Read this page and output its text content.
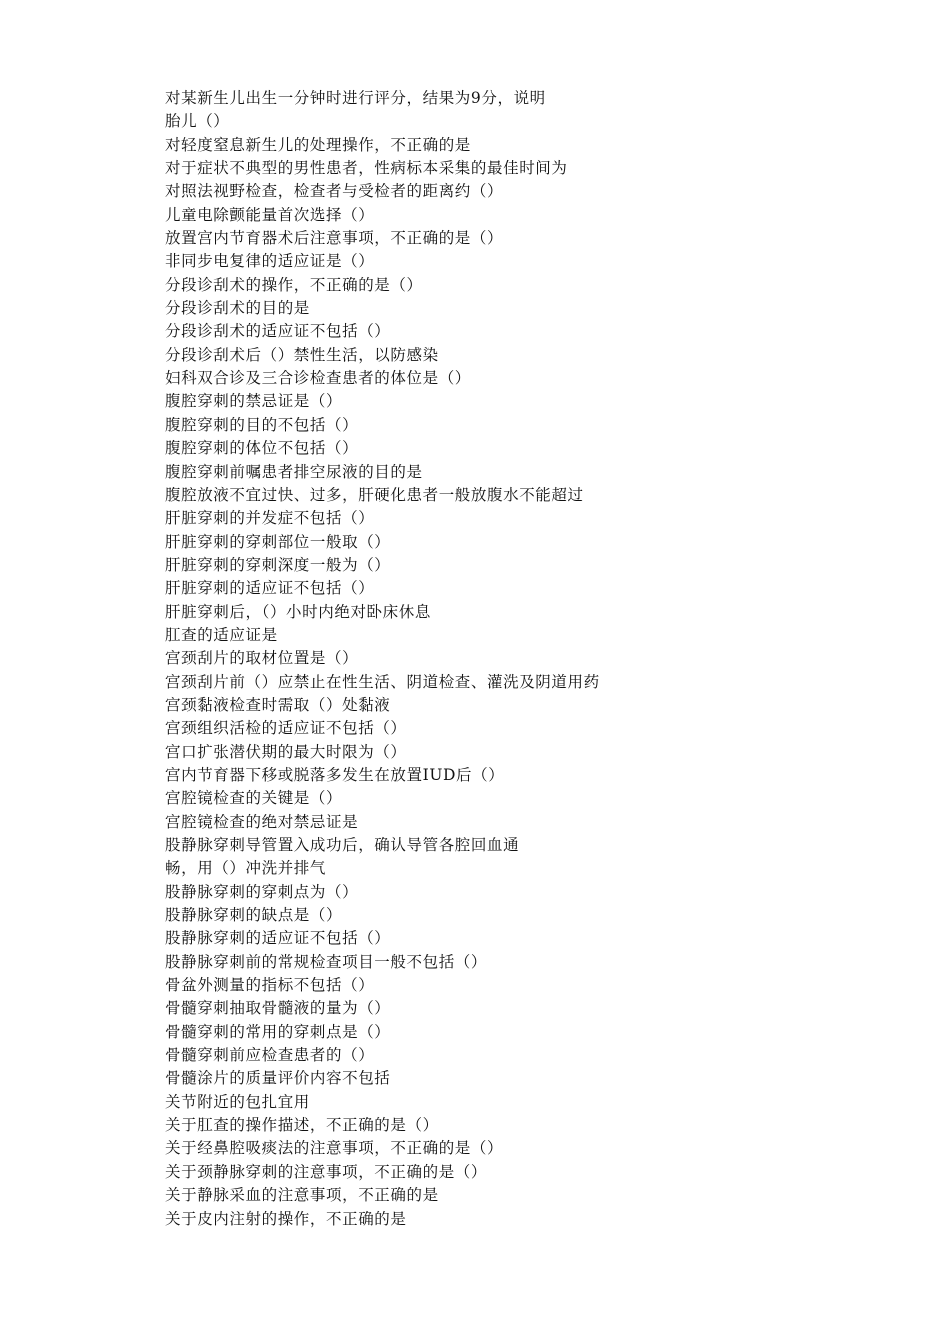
对某新生儿出生一分钟时进行评分，结果为9分，说明
胎儿（）
对轻度窒息新生儿的处理操作，不正确的是
对于症状不典型的男性患者，性病标本采集的最佳时间为
对照法视野检查，检查者与受检者的距离约（）
儿童电除颤能量首次选择（）
放置宫内节育器术后注意事项，不正确的是（）
非同步电复律的适应证是（）
分段诊刮术的操作，不正确的是（）
分段诊刮术的目的是
分段诊刮术的适应证不包括（）
分段诊刮术后（）禁性生活，以防感染
妇科双合诊及三合诊检查患者的体位是（）
腹腔穿刺的禁忌证是（）
腹腔穿刺的目的不包括（）
腹腔穿刺的体位不包括（）
腹腔穿刺前嘱患者排空尿液的目的是
腹腔放液不宜过快、过多，肝硬化患者一般放腹水不能超过
肝脏穿刺的并发症不包括（）
肝脏穿刺的穿刺部位一般取（）
肝脏穿刺的穿刺深度一般为（）
肝脏穿刺的适应证不包括（）
肝脏穿刺后，（）小时内绝对卧床休息
肛查的适应证是
宫颈刮片的取材位置是（）
宫颈刮片前（）应禁止在性生活、阴道检查、灌洗及阴道用药
宫颈黏液检查时需取（）处黏液
宫颈组织活检的适应证不包括（）
宫口扩张潜伏期的最大时限为（）
宫内节育器下移或脱落多发生在放置IUD后（）
宫腔镜检查的关键是（）
宫腔镜检查的绝对禁忌证是
股静脉穿刺导管置入成功后，确认导管各腔回血通
畅，用（）冲洗并排气
股静脉穿刺的穿刺点为（）
股静脉穿刺的缺点是（）
股静脉穿刺的适应证不包括（）
股静脉穿刺前的常规检查项目一般不包括（）
骨盆外测量的指标不包括（）
骨髓穿刺抽取骨髓液的量为（）
骨髓穿刺的常用的穿刺点是（）
骨髓穿刺前应检查患者的（）
骨髓涂片的质量评价内容不包括
关节附近的包扎宜用
关于肛查的操作描述，不正确的是（）
关于经鼻腔吸痰法的注意事项，不正确的是（）
关于颈静脉穿刺的注意事项，不正确的是（）
关于静脉采血的注意事项，不正确的是
关于皮内注射的操作，不正确的是
